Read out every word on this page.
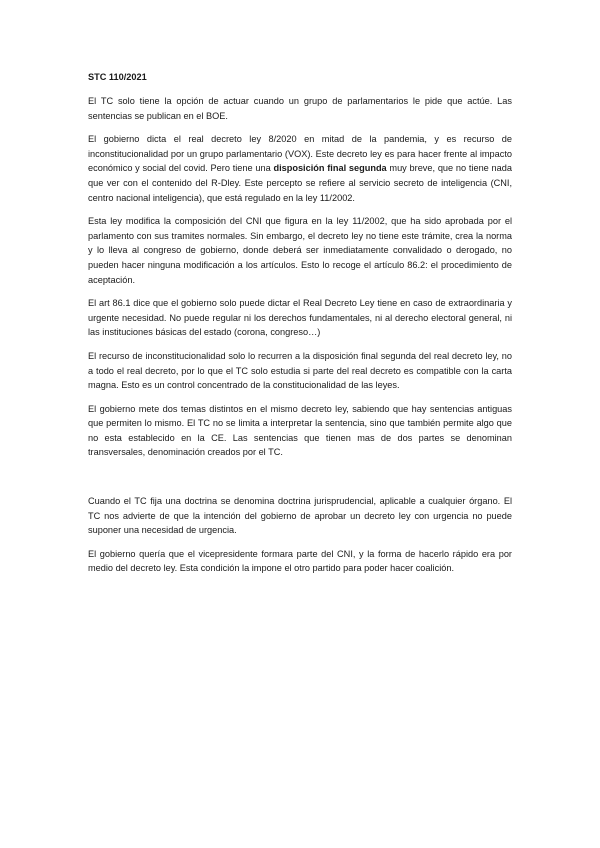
STC 110/2021

El TC solo tiene la opción de actuar cuando un grupo de parlamentarios le pide que actúe. Las sentencias se publican en el BOE.

El gobierno dicta el real decreto ley 8/2020 en mitad de la pandemia, y es recurso de inconstitucionalidad por un grupo parlamentario (VOX). Este decreto ley es para hacer frente al impacto económico y social del covid. Pero tiene una disposición final segunda muy breve, que no tiene nada que ver con el contenido del R-Dley. Este percepto se refiere al servicio secreto de inteligencia (CNI, centro nacional inteligencia), que está regulado en la ley 11/2002.

Esta ley modifica la composición del CNI que figura en la ley 11/2002, que ha sido aprobada por el parlamento con sus tramites normales. Sin embargo, el decreto ley no tiene este trámite, crea la norma y lo lleva al congreso de gobierno, donde deberá ser inmediatamente convalidado o derogado, no pueden hacer ninguna modificación a los artículos. Esto lo recoge el artículo 86.2: el procedimiento de aceptación.

El art 86.1 dice que el gobierno solo puede dictar el Real Decreto Ley tiene en caso de extraordinaria y urgente necesidad. No puede regular ni los derechos fundamentales, ni al derecho electoral general, ni las instituciones básicas del estado (corona, congreso…)

El recurso de inconstitucionalidad solo lo recurren a la disposición final segunda del real decreto ley, no a todo el real decreto, por lo que el TC solo estudia si parte del real decreto es compatible con la carta magna. Esto es un control concentrado de la constitucionalidad de las leyes.

El gobierno mete dos temas distintos en el mismo decreto ley, sabiendo que hay sentencias antiguas que permiten lo mismo. El TC no se limita a interpretar la sentencia, sino que también permite algo que no esta establecido en la CE. Las sentencias que tienen mas de dos partes se denominan transversales, denominación creados por el TC.

Cuando el TC fija una doctrina se denomina doctrina jurisprudencial, aplicable a cualquier órgano. El TC nos advierte de que la intención del gobierno de aprobar un decreto ley con urgencia no puede suponer una necesidad de urgencia.

El gobierno quería que el vicepresidente formara parte del CNI, y la forma de hacerlo rápido era por medio del decreto ley. Esta condición la impone el otro partido para poder hacer coalición.
